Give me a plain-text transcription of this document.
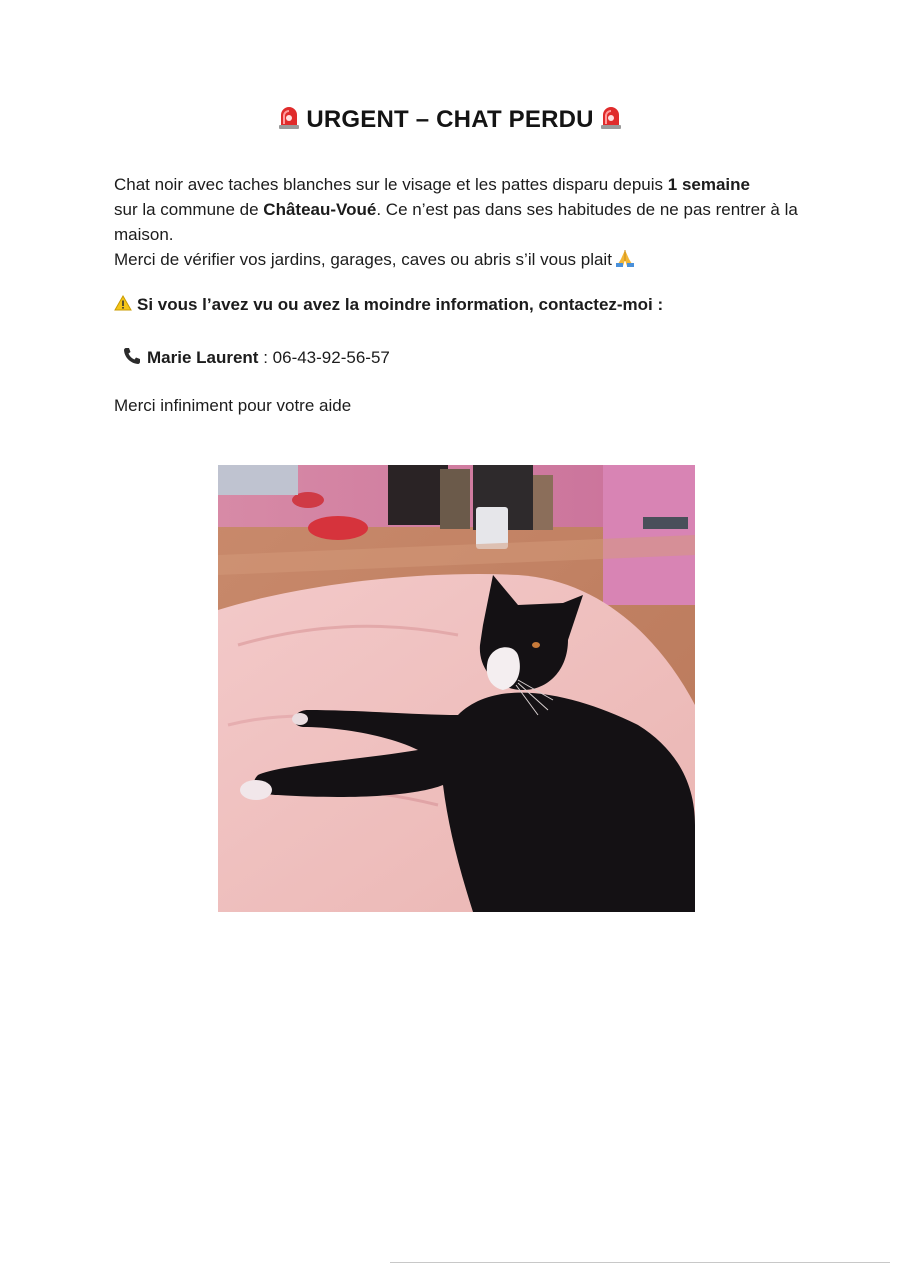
URGENT – CHAT PERDU
Chat noir avec taches blanches sur le visage et les pattes disparu depuis 1 semaine
sur la commune de Château-Voué. Ce n’est pas dans ses habitudes de ne pas rentrer à la maison.
Merci de vérifier vos jardins, garages, caves ou abris s’il vous plait
Si vous l’avez vu ou avez la moindre information, contactez-moi :
Marie Laurent : 06-43-92-56-57
Merci infiniment pour votre aide
